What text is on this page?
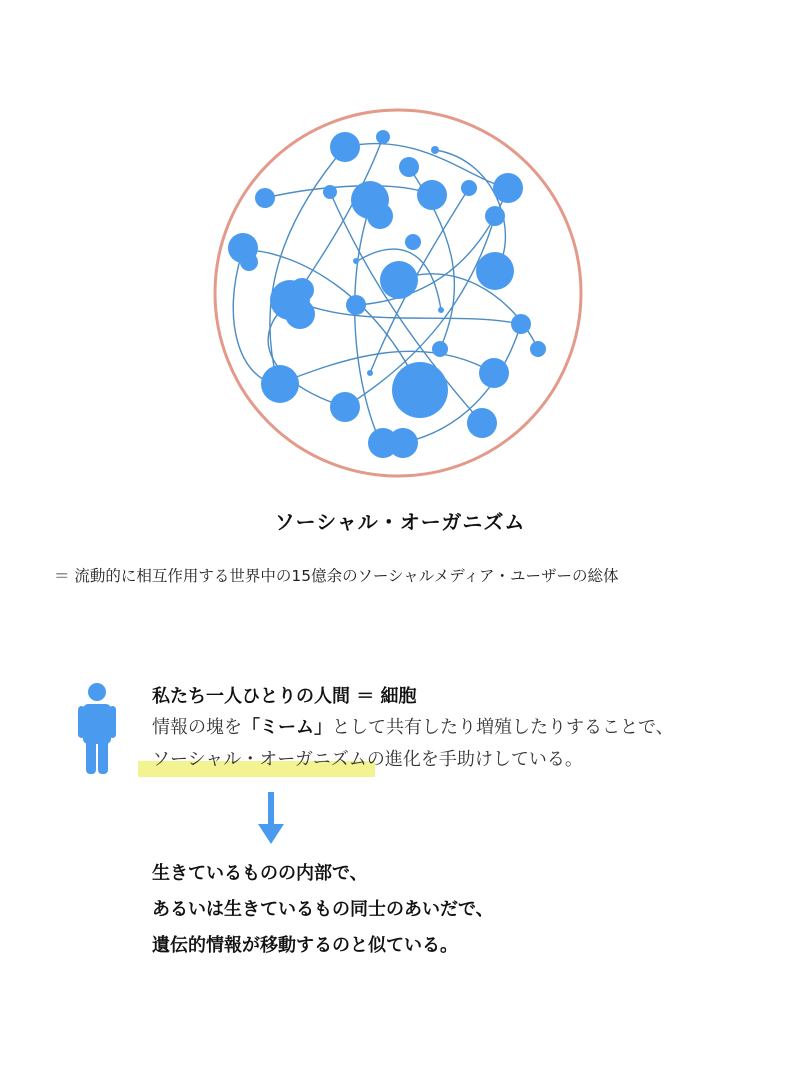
ソーシャル・オーガニズム
＝ 流動的に相互作用する世界中の15億余のソーシャルメディア・ユーザーの総体
私たち一人ひとりの人間 ＝ 細胞
情報の塊を「ミーム」として共有したり増殖したりすることで、
ソーシャル・オーガニズムの進化を手助けしている。
生きているものの内部で、
あるいは生きているもの同士のあいだで、
遺伝的情報が移動するのと似ている。
